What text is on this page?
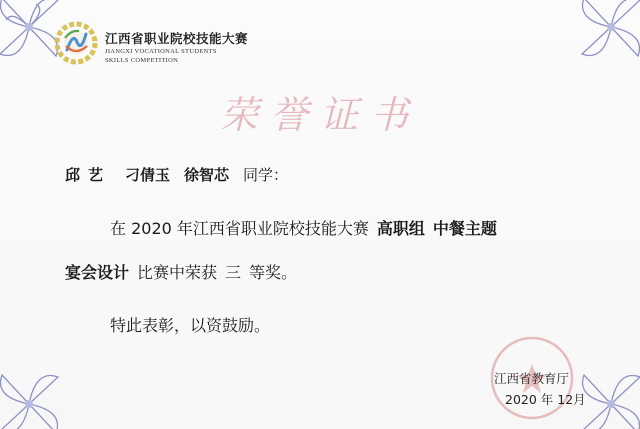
江西省职业院校技能大赛
JIANGXI VOCATIONAL STUDENTS
SKILLS COMPETITION
荣誉证书
邱艺 刁倩玉 徐智芯 同学：
在 2020 年江西省职业院校技能大赛 高职组 中餐主题
宴会设计 比赛中荣获 三 等奖。
特此表彰，以资鼓励。
江西省教育厅
2020 年 12月
